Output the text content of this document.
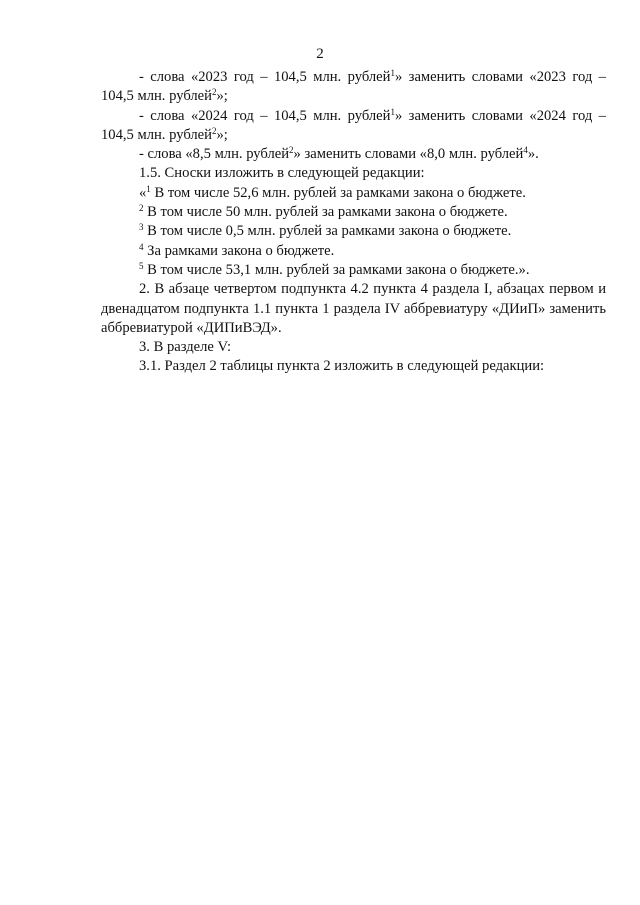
2

- слова «2023 год – 104,5 млн. рублей$^1$» заменить словами «2023 год – 104,5 млн. рублей$^2$»;

- слова «2024 год – 104,5 млн. рублей$^1$» заменить словами «2024 год – 104,5 млн. рублей$^2$»;

- слова «8,5 млн. рублей$^2$» заменить словами «8,0 млн. рублей$^4$».

1.5. Сноски изложить в следующей редакции:

«$^1$ В том числе 52,6 млн. рублей за рамками закона о бюджете.

$^2$ В том числе 50 млн. рублей за рамками закона о бюджете.

$^3$ В том числе 0,5 млн. рублей за рамками закона о бюджете.

$^4$ За рамками закона о бюджете.

$^5$ В том числе 53,1 млн. рублей за рамками закона о бюджете.».

2. В абзаце четвертом подпункта 4.2 пункта 4 раздела I, абзацах первом и двенадцатом подпункта 1.1 пункта 1 раздела IV аббревиатуру «ДИиП» заменить аббревиатурой «ДИПиВЭД».

3. В разделе V:

3.1. Раздел 2 таблицы пункта 2 изложить в следующей редакции:
